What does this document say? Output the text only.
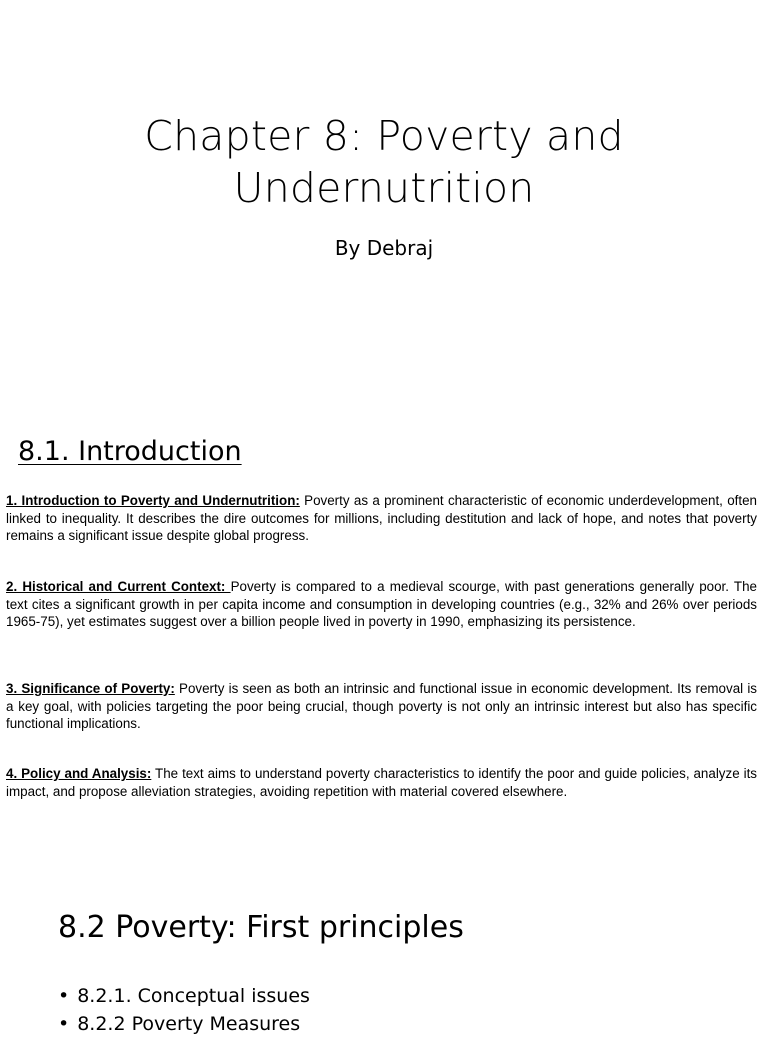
Chapter 8: Poverty and
Undernutrition
By Debraj
8.1. Introduction

1. Introduction to Poverty and Undernutrition: Poverty as a prominent characteristic of economic underdevelopment, often linked to inequality. It describes the dire outcomes for millions, including destitution and lack of hope, and notes that poverty remains a significant issue despite global progress.

2. Historical and Current Context: Poverty is compared to a medieval scourge, with past generations generally poor. The text cites a significant growth in per capita income and consumption in developing countries (e.g., 32% and 26% over periods 1965-75), yet estimates suggest over a billion people lived in poverty in 1990, emphasizing its persistence.

3. Significance of Poverty: Poverty is seen as both an intrinsic and functional issue in economic development. Its removal is a key goal, with policies targeting the poor being crucial, though poverty is not only an intrinsic interest but also has specific functional implications.

4. Policy and Analysis: The text aims to understand poverty characteristics to identify the poor and guide policies, analyze its impact, and propose alleviation strategies, avoiding repetition with material covered elsewhere.

8.2 Poverty: First principles
• 8.2.1. Conceptual issues
• 8.2.2 Poverty Measures
